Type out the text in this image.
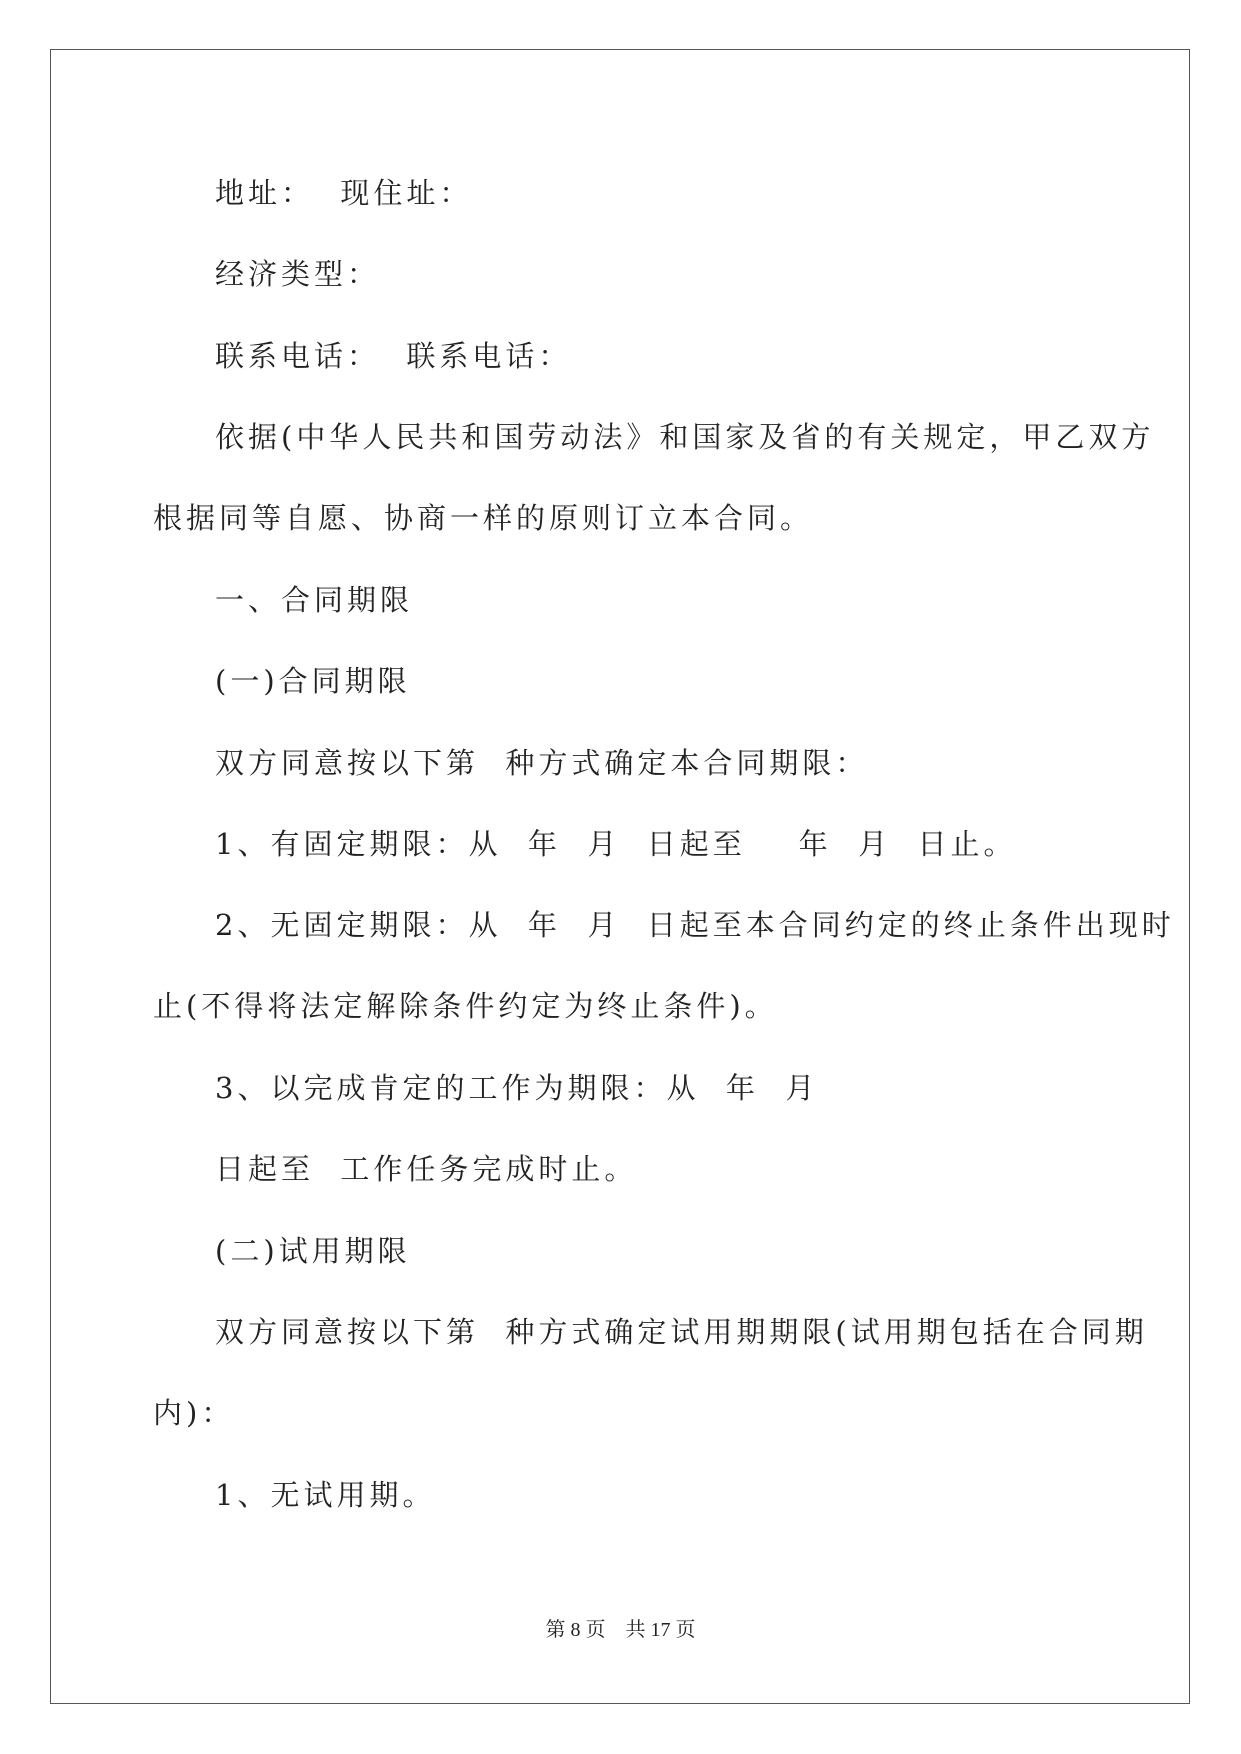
地址：  现住址：

经济类型：

联系电话：  联系电话：

依据(中华人民共和国劳动法》和国家及省的有关规定，甲乙双方

根据同等自愿、协商一样的原则订立本合同。

一、合同期限

(一)合同期限

双方同意按以下第  种方式确定本合同期限：

1、有固定期限：从  年  月  日起至    年  月  日止。

2、无固定期限：从  年  月  日起至本合同约定的终止条件出现时

止(不得将法定解除条件约定为终止条件)。

3、以完成肯定的工作为期限：从  年  月

日起至  工作任务完成时止。

(二)试用期限

双方同意按以下第  种方式确定试用期期限(试用期包括在合同期

内)：

1、无试用期。

第 8 页    共 17 页
